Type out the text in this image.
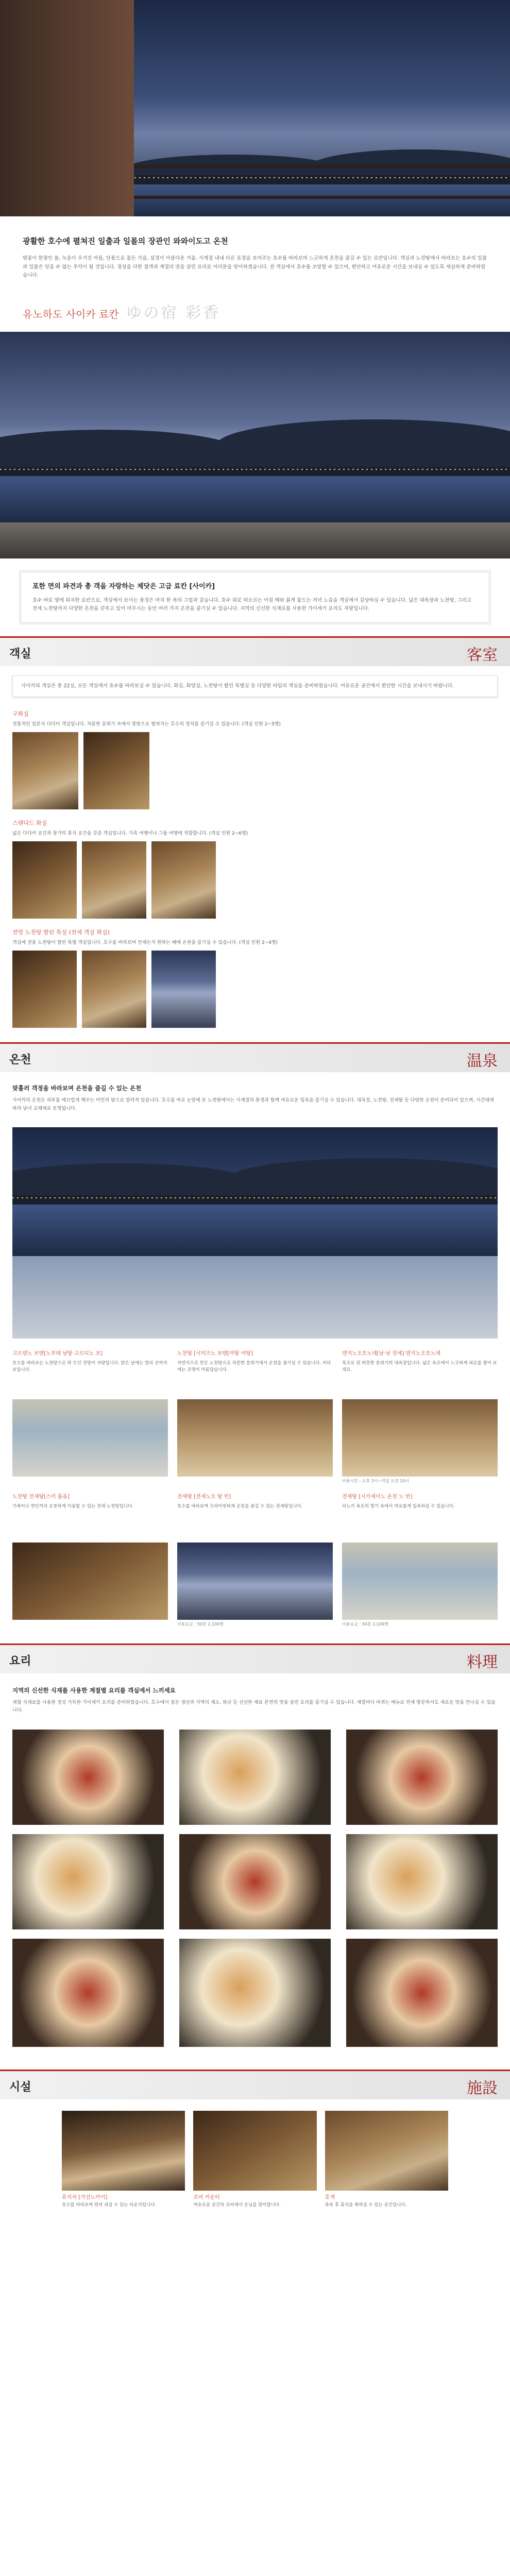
광활한 호수에 펼쳐진 일출과 일몰의 장관인 와와이도고 온천

벚꽃이 한창인 봄, 녹음이 우거진 여름, 단풍으로 물든 가을, 설경이 아름다운 겨울. 사계절 내내 다른 표정을 보여주는 호수를 바라보며 느긋하게 온천을 즐길 수 있는 료칸입니다. 객실과 노천탕에서 바라보는 호수의 일출과 일몰은 잊을 수 없는 추억이 될 것입니다. 정성을 다한 접객과 계절의 맛을 살린 요리로 여러분을 맞이하겠습니다. 전 객실에서 호수를 조망할 수 있으며, 편안하고 여유로운 시간을 보내실 수 있도록 세심하게 준비하였습니다.

유노하도 사이카 료칸 ゆの宿 彩香
포한 면의 파견과 총 객을 자랑하는 제닷은 고급 료칸 [사이카]

호수 바로 옆에 위치한 료칸으로, 객실에서 보이는 풍경은 마치 한 폭의 그림과 같습니다. 호수 위로 떠오르는 아침 해와 붉게 물드는 저녁 노을을 객실에서 감상하실 수 있습니다. 넓은 대욕장과 노천탕, 그리고 전세 노천탕까지 다양한 온천을 갖추고 있어 머무시는 동안 여러 가지 온천을 즐기실 수 있습니다. 지역의 신선한 식재료를 사용한 가이세키 요리도 자랑입니다.

객실	客室

사이카의 객실은 총 22실, 모든 객실에서 호수를 바라보실 수 있습니다. 화실, 화양실, 노천탕이 딸린 특별실 등 다양한 타입의 객실을 준비하였습니다. 여유로운 공간에서 편안한 시간을 보내시기 바랍니다.

구화실

전통적인 일본식 다다미 객실입니다. 차분한 분위기 속에서 창밖으로 펼쳐지는 호수의 경치를 즐기실 수 있습니다. (객실 인원 2~5명)

스탠다드 화실

넓은 다다미 공간과 창가의 휴식 공간을 갖춘 객실입니다. 가족 여행이나 그룹 여행에 적합합니다. (객실 인원 2~6명)

전망 노천탕 딸린 특실 (전세 객실 화실)

객실에 전용 노천탕이 딸린 특별 객실입니다. 호수를 바라보며 언제든지 원하는 때에 온천을 즐기실 수 있습니다. (객실 인원 2~4명)

온천	温泉
맞흘러 객정을 바라보며 온천을 즐길 수 있는 온천

사이카의 온천은 피부를 매끄럽게 해주는 미인의 탕으로 알려져 있습니다. 호수를 바로 눈앞에 둔 노천탕에서는 사계절의 풍경과 함께 여유로운 입욕을 즐기실 수 있습니다. 대욕장, 노천탕, 전세탕 등 다양한 온천이 준비되어 있으며, 시간대에 따라 남녀 교체제로 운영됩니다.

고르덴노 보텐[노부데 남탕·고르디노 보]

호수를 바라보는 노천탕으로 탁 트인 전망이 자랑입니다. 맑은 날에는 멀리 산까지 보입니다.

노천탕 [시미즈노 보텐[여탕 여탕]

자연석으로 만든 노천탕으로 차분한 분위기에서 온천을 즐기실 수 있습니다. 저녁에는 조명이 아름답습니다.

덴지노오토노데[남·남 전세] 덴지노오토노데

목조로 된 따뜻한 분위기의 대욕장입니다. 넓은 욕조에서 느긋하게 피로를 풀어 보세요.

이용시간 : 오후 3시~익일 오전 10시
노천탕 전세탕[스미 룸을]

가족이나 연인끼리 오붓하게 이용할 수 있는 전세 노천탕입니다.

전세탕 [전세노오 탕 빈]

호수를 바라보며 프라이빗하게 온천을 즐길 수 있는 전세탕입니다.

이용요금 : 50분 2,100엔
전세탕 [시가세이노 온천 노 빈]

히노키 욕조의 향기 속에서 여유롭게 입욕하실 수 있습니다.

이용요금 : 50분 2,100엔
요리	料理
지역의 신선한 식재를 사용한 계절별 요리를 객실에서 느끼세요

제철 식재료를 사용한 정성 가득한 가이세키 요리를 준비하였습니다. 호수에서 잡은 생선과 지역의 채소, 와규 등 신선한 재료 본연의 맛을 살린 요리를 즐기실 수 있습니다. 계절마다 바뀌는 메뉴로 언제 방문하셔도 새로운 맛을 만나실 수 있습니다.

시설	施設
휴식처 [가선노카이]

호수를 바라보며 편히 쉬실 수 있는 라운지입니다.

로비 카운터

여유로운 공간의 로비에서 손님을 맞이합니다.

휴게

목욕 후 휴식을 취하실 수 있는 공간입니다.
